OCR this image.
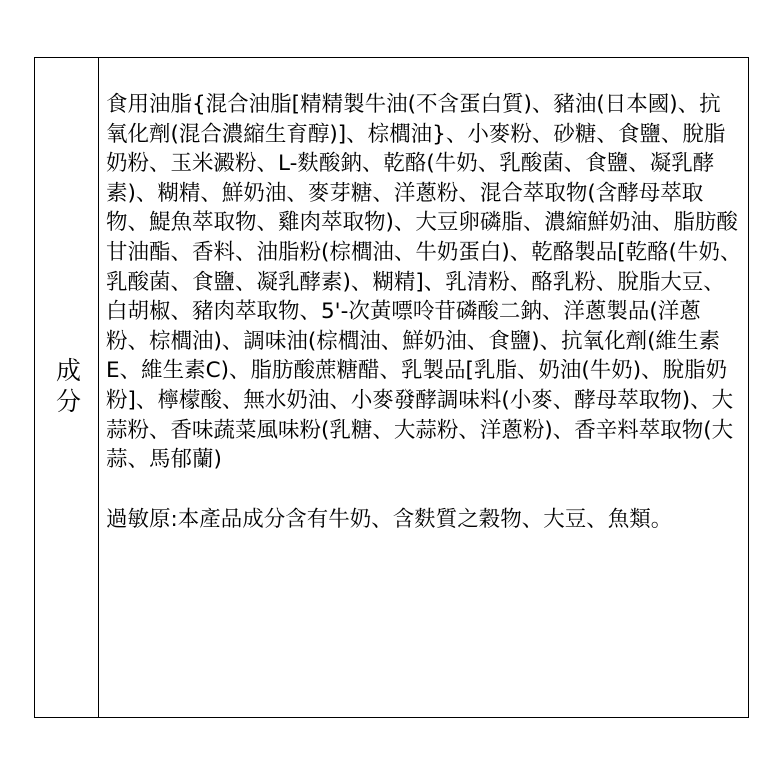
成分

食用油脂{混合油脂[精精製牛油(不含蛋白質)、豬油(日本國)、抗氧化劑(混合濃縮生育醇)]、棕櫚油}、小麥粉、砂糖、食鹽、脫脂奶粉、玉米澱粉、L-麩酸鈉、乾酪(牛奶、乳酸菌、食鹽、凝乳酵素)、糊精、鮮奶油、麥芽糖、洋蔥粉、混合萃取物(含酵母萃取物、鯷魚萃取物、雞肉萃取物)、大豆卵磷脂、濃縮鮮奶油、脂肪酸甘油酯、香料、油脂粉(棕櫚油、牛奶蛋白)、乾酪製品[乾酪(牛奶、乳酸菌、食鹽、凝乳酵素)、糊精]、乳清粉、酪乳粉、脫脂大豆、白胡椒、豬肉萃取物、5'-次黃嘌呤苷磷酸二鈉、洋蔥製品(洋蔥粉、棕櫚油)、調味油(棕櫚油、鮮奶油、食鹽)、抗氧化劑(維生素E、維生素C)、脂肪酸蔗糖醋、乳製品[乳脂、奶油(牛奶)、脫脂奶粉]、檸檬酸、無水奶油、小麥發酵調味料(小麥、酵母萃取物)、大蒜粉、香味蔬菜風味粉(乳糖、大蒜粉、洋蔥粉)、香辛料萃取物(大蒜、馬郁蘭)

過敏原:本產品成分含有牛奶、含麩質之穀物、大豆、魚類。
